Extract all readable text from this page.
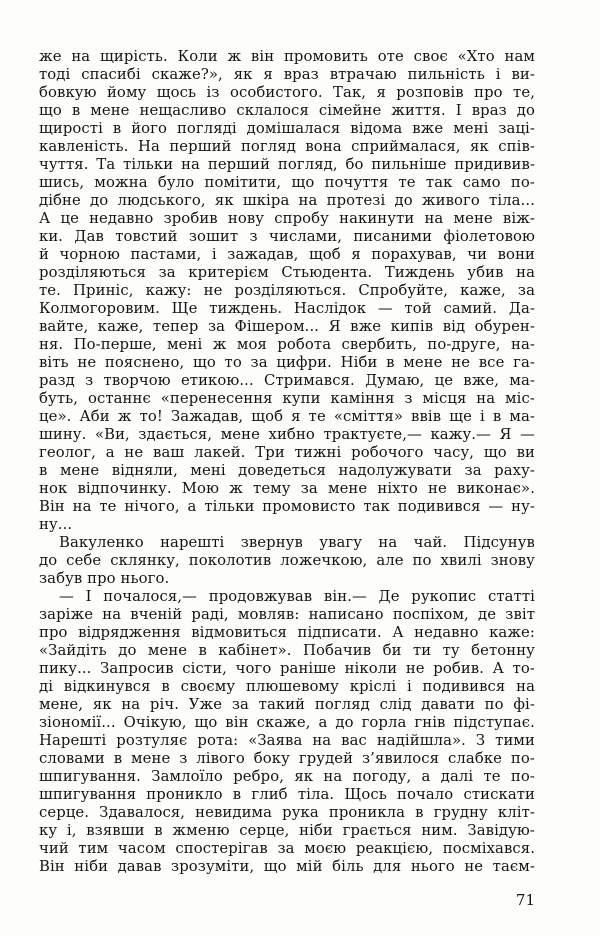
же на щирість. Коли ж він промовить оте своє «Хто нам
тоді спасибі скаже?», як я враз втрачаю пильність і ви-
бовкую йому щось із особистого. Так, я розповів про те,
що в мене нещасливо склалося сімейне життя. І враз до
щирості в його погляді домішалася відома вже мені заці-
кавленість. На перший погляд вона сприймалася, як спів-
чуття. Та тільки на перший погляд, бо пильніше придивив-
шись, можна було помітити, що почуття те так само по-
дібне до людського, як шкіра на протезі до живого тіла...
А це недавно зробив нову спробу накинути на мене віж-
ки. Дав товстий зошит з числами, писаними фіолетовою
й чорною пастами, і зажадав, щоб я порахував, чи вони
розділяються за критерієм Стьюдента. Тиждень убив на
те. Приніс, кажу: не розділяються. Спробуйте, каже, за
Колмогоровим. Ще тиждень. Наслідок — той самий. Да-
вайте, каже, тепер за Фішером... Я вже кипів від обурен-
ня. По-перше, мені ж моя робота свербить, по-друге, на-
віть не пояснено, що то за цифри. Ніби в мене не все га-
разд з творчою етикою... Стримався. Думаю, це вже, ма-
буть, останнє «перенесення купи каміння з місця на міс-
це». Аби ж то! Зажадав, щоб я те «сміття» ввів ще і в ма-
шину. «Ви, здається, мене хибно трактуєте,— кажу.— Я —
геолог, а не ваш лакей. Три тижні робочого часу, що ви
в мене відняли, мені доведеться надолужувати за раху-
нок відпочинку. Мою ж тему за мене ніхто не виконає».
Він на те нічого, а тільки промовисто так подивився — ну-
ну...
Вакуленко нарешті звернув увагу на чай. Підсунув
до себе склянку, поколотив ложечкою, але по хвилі знову
забув про нього.
— І почалося,— продовжував він.— Де рукопис статті
заріже на вченій раді, мовляв: написано поспіхом, де звіт
про відрядження відмовиться підписати. А недавно каже:
«Зайдіть до мене в кабінет». Побачив би ти ту бетонну
пику... Запросив сісти, чого раніше ніколи не робив. А то-
ді відкинувся в своєму плюшевому кріслі і подивився на
мене, як на річ. Уже за такий погляд слід давати по фі-
зіономії... Очікую, що він скаже, а до горла гнів підступає.
Нарешті розтуляє рота: «Заява на вас надійшла». З тими
словами в мене з лівого боку грудей з’явилося слабке по-
шпигування. Замлоїло ребро, як на погоду, а далі те по-
шпигування проникло в глиб тіла. Щось почало стискати
серце. Здавалося, невидима рука проникла в грудну кліт-
ку і, взявши в жменю серце, ніби грається ним. Завідую-
чий тим часом спостерігав за моєю реакцією, посміхався.
Він ніби давав зрозуміти, що мій біль для нього не таєм-
71
